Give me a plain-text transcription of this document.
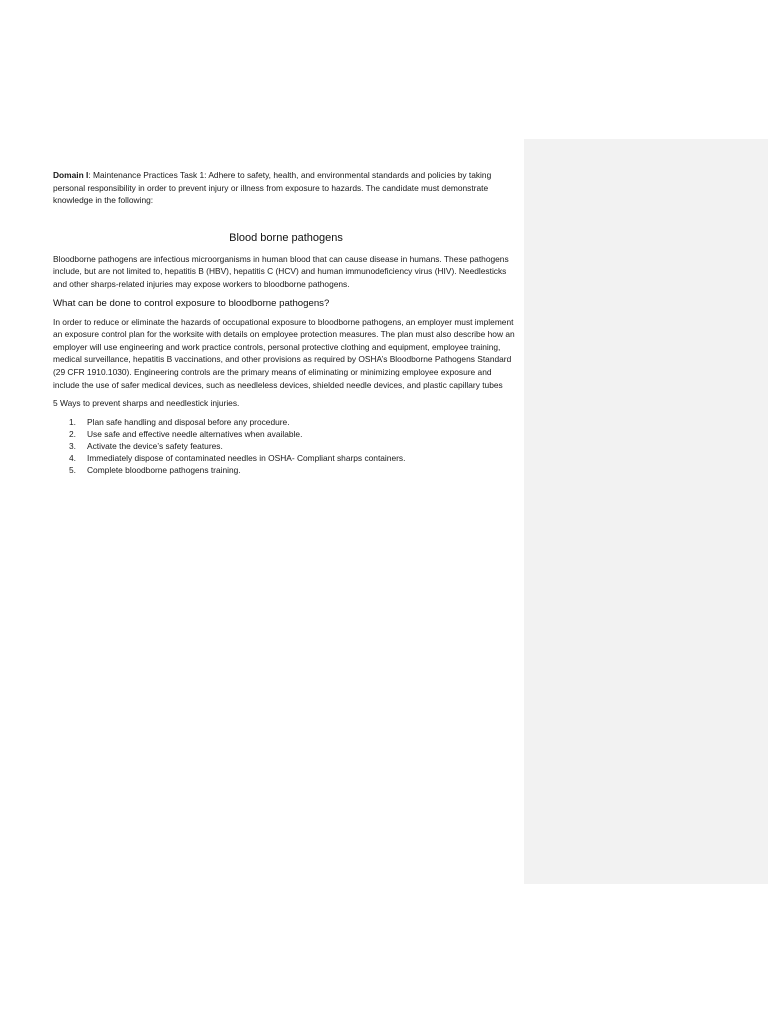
Domain I: Maintenance Practices Task 1: Adhere to safety, health, and environmental standards and policies by taking personal responsibility in order to prevent injury or illness from exposure to hazards. The candidate must demonstrate knowledge in the following:

Blood borne pathogens

Bloodborne pathogens are infectious microorganisms in human blood that can cause disease in humans. These pathogens include, but are not limited to, hepatitis B (HBV), hepatitis C (HCV) and human immunodeficiency virus (HIV). Needlesticks and other sharps-related injuries may expose workers to bloodborne pathogens.

What can be done to control exposure to bloodborne pathogens?

In order to reduce or eliminate the hazards of occupational exposure to bloodborne pathogens, an employer must implement an exposure control plan for the worksite with details on employee protection measures. The plan must also describe how an employer will use engineering and work practice controls, personal protective clothing and equipment, employee training, medical surveillance, hepatitis B vaccinations, and other provisions as required by OSHA’s Bloodborne Pathogens Standard (29 CFR 1910.1030). Engineering controls are the primary means of eliminating or minimizing employee exposure and include the use of safer medical devices, such as needleless devices, shielded needle devices, and plastic capillary tubes

5 Ways to prevent sharps and needlestick injuries.

1. Plan safe handling and disposal before any procedure.
2. Use safe and effective needle alternatives when available.
3. Activate the device’s safety features.
4. Immediately dispose of contaminated needles in OSHA- Compliant sharps containers.
5. Complete bloodborne pathogens training.
